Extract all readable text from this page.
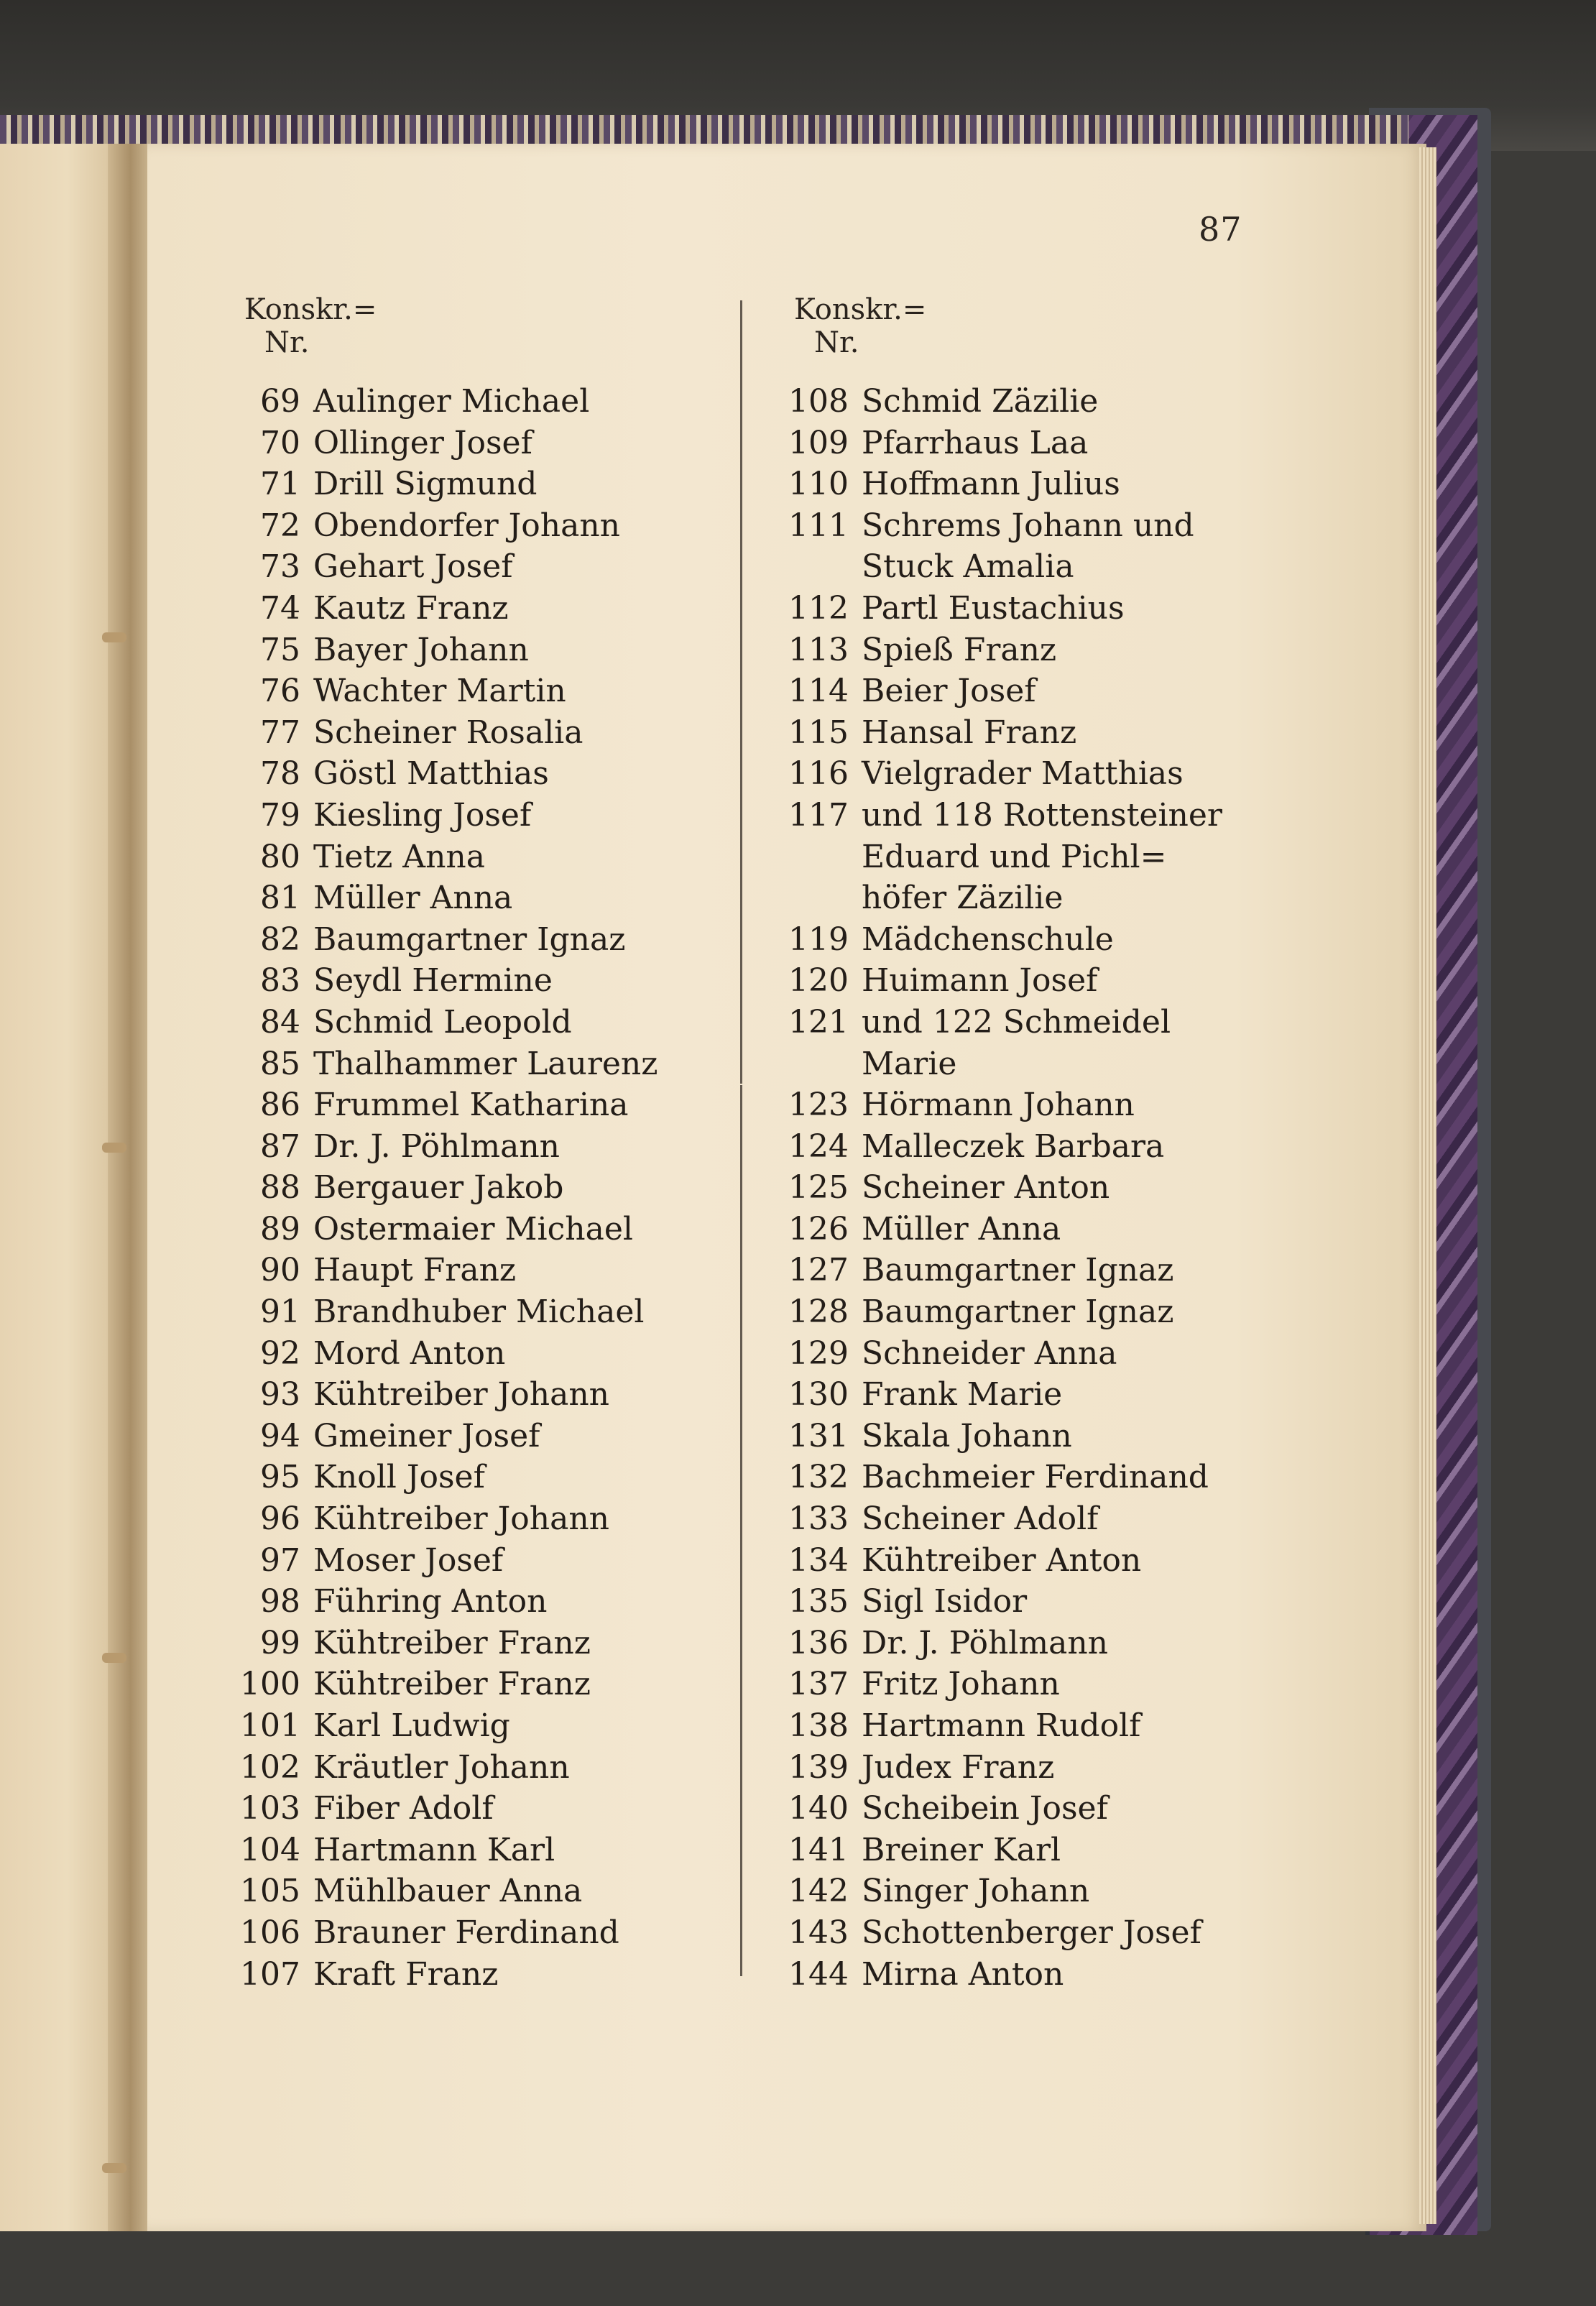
87
Konskr.=
Nr.
Konskr.=
Nr.
69 Aulinger Michael
70 Ollinger Josef
71 Drill Sigmund
72 Obendorfer Johann
73 Gehart Josef
74 Kautz Franz
75 Bayer Johann
76 Wachter Martin
77 Scheiner Rosalia
78 Göstl Matthias
79 Kiesling Josef
80 Tietz Anna
81 Müller Anna
82 Baumgartner Ignaz
83 Seydl Hermine
84 Schmid Leopold
85 Thalhammer Laurenz
86 Frummel Katharina
87 Dr. J. Pöhlmann
88 Bergauer Jakob
89 Ostermaier Michael
90 Haupt Franz
91 Brandhuber Michael
92 Mord Anton
93 Kühtreiber Johann
94 Gmeiner Josef
95 Knoll Josef
96 Kühtreiber Johann
97 Moser Josef
98 Führing Anton
99 Kühtreiber Franz
100 Kühtreiber Franz
101 Karl Ludwig
102 Kräutler Johann
103 Fiber Adolf
104 Hartmann Karl
105 Mühlbauer Anna
106 Brauner Ferdinand
107 Kraft Franz
108 Schmid Zäzilie
109 Pfarrhaus Laa
110 Hoffmann Julius
111 Schrems Johann und
Stuck Amalia
112 Partl Eustachius
113 Spieß Franz
114 Beier Josef
115 Hansal Franz
116 Vielgrader Matthias
117 und 118 Rottensteiner
Eduard und Pichl=
höfer Zäzilie
119 Mädchenschule
120 Huimann Josef
121 und 122 Schmeidel
Marie
123 Hörmann Johann
124 Malleczek Barbara
125 Scheiner Anton
126 Müller Anna
127 Baumgartner Ignaz
128 Baumgartner Ignaz
129 Schneider Anna
130 Frank Marie
131 Skala Johann
132 Bachmeier Ferdinand
133 Scheiner Adolf
134 Kühtreiber Anton
135 Sigl Isidor
136 Dr. J. Pöhlmann
137 Fritz Johann
138 Hartmann Rudolf
139 Judex Franz
140 Scheibein Josef
141 Breiner Karl
142 Singer Johann
143 Schottenberger Josef
144 Mirna Anton
